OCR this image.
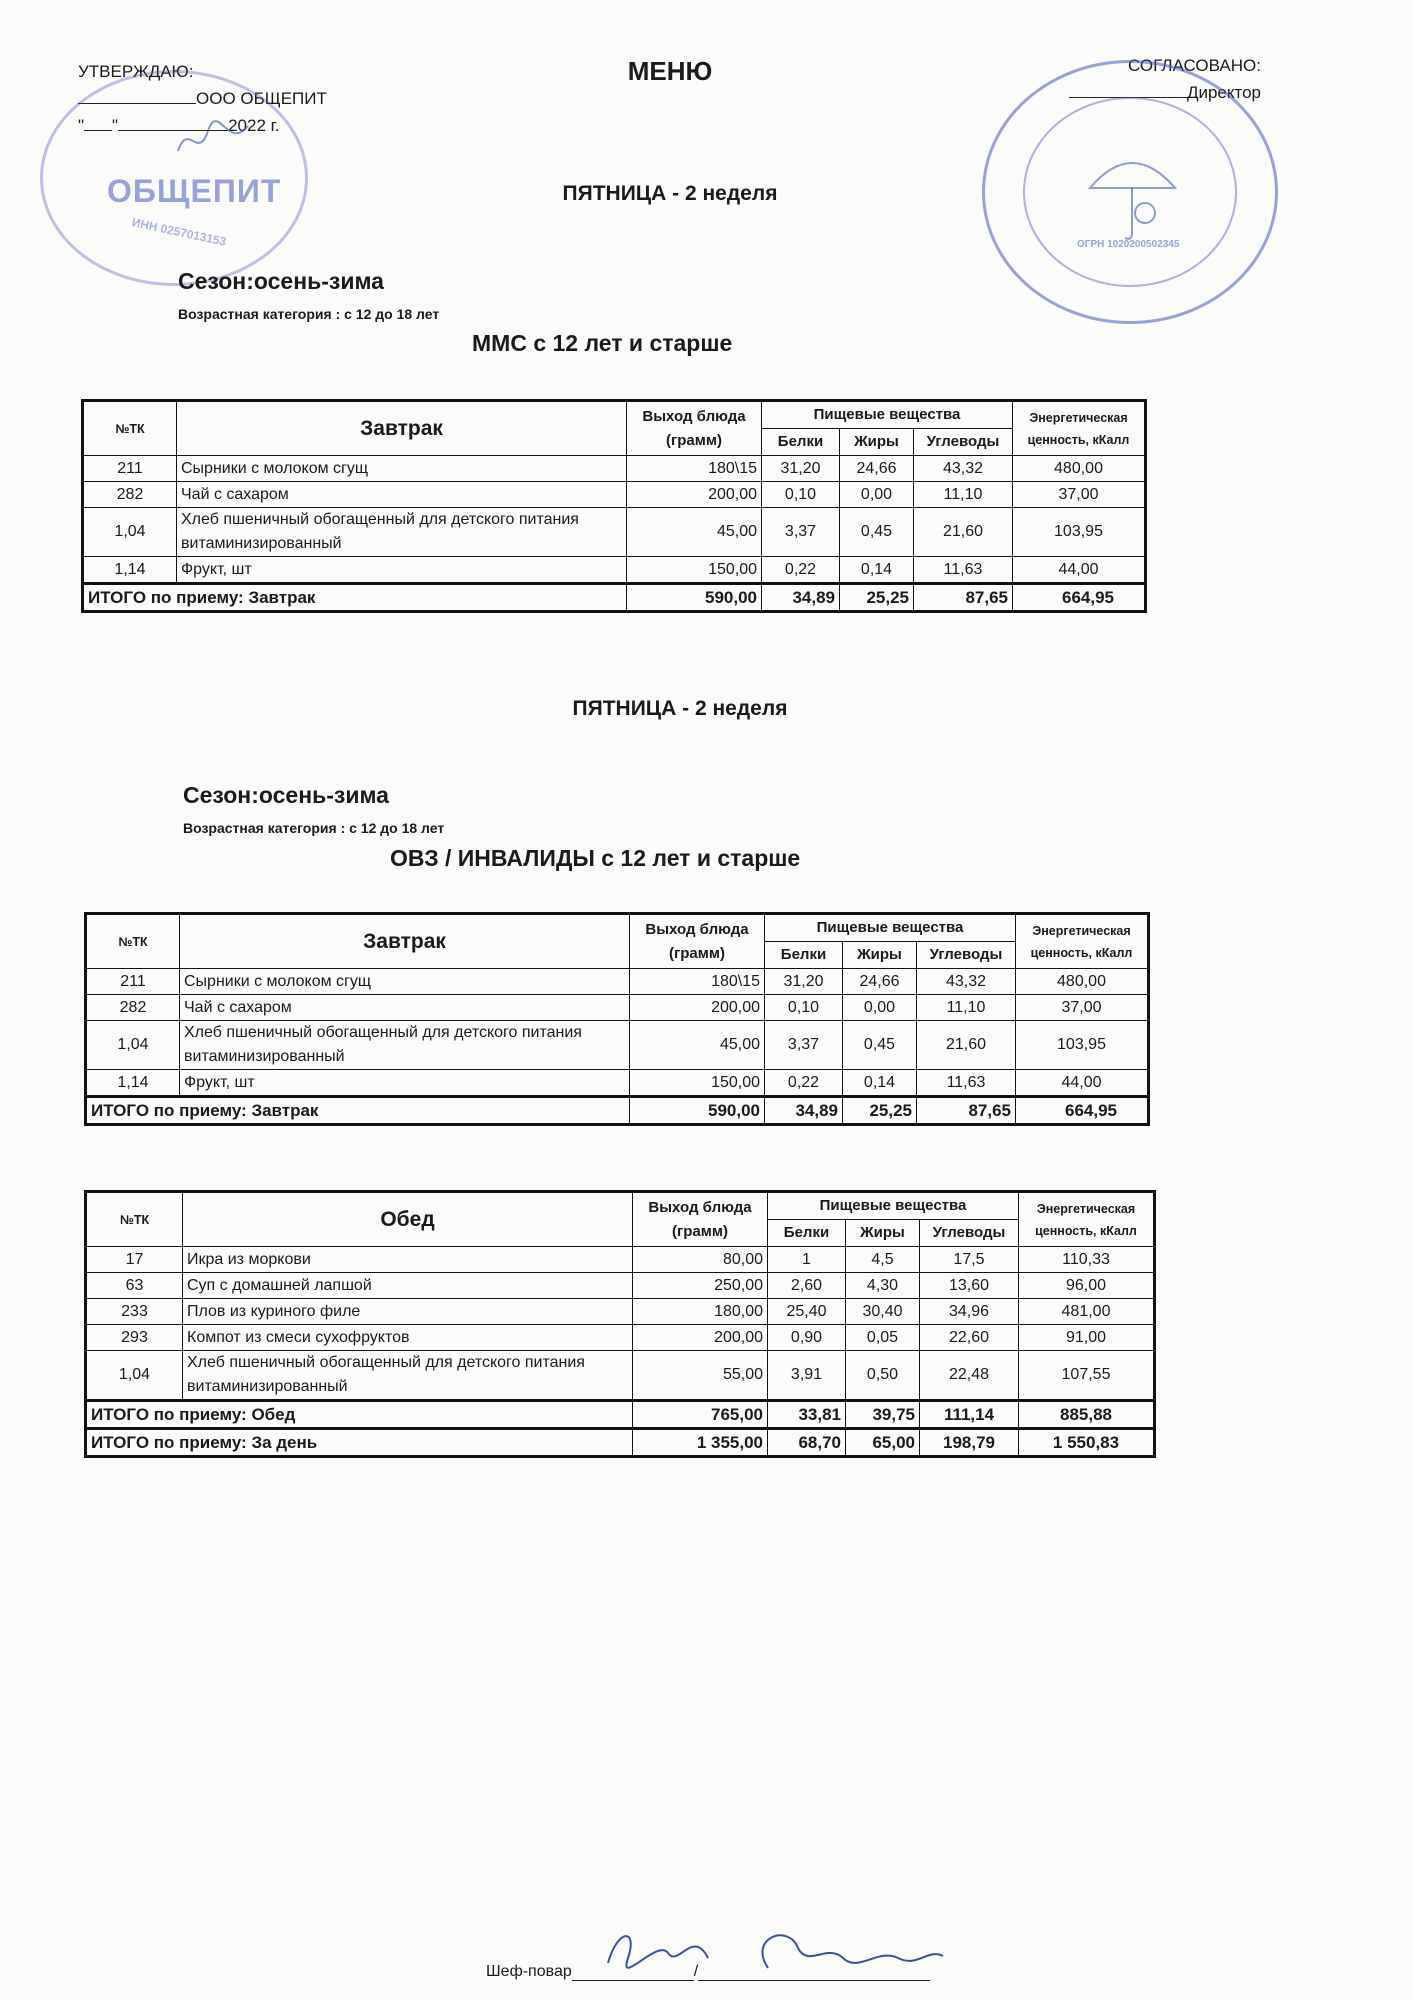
УТВЕРЖДАЮ:
ООО ОБЩЕПИТ
" "	2022 г.
ОБЩЕПИТ
ИНН 0257013153
МЕНЮ	СОГЛАСОВАНО:
Директор
ОГРН 1020200502345
ПЯТНИЦА - 2 неделя
Сезон:осень-зима
Возрастная категория : с 12 до 18 лет
ММС с 12 лет и старше
№ТК	Завтрак	Выход блюда (грамм)	Пищевые вещества			Энергетическая ценность, кКалл
			Белки	Жиры	Углеводы	
211	Сырники с молоком сгущ	180\15	31,20	24,66	43,32	480,00
282	Чай с сахаром	200,00	0,10	0,00	11,10	37,00
1,04	Хлеб пшеничный обогащенный для детского питания витаминизированный	45,00	3,37	0,45	21,60	103,95
1,14	Фрукт, шт	150,00	0,22	0,14	11,63	44,00
ИТОГО по приему: Завтрак		590,00	34,89	25,25	87,65	664,95
ПЯТНИЦА - 2 неделя
Сезон:осень-зима
Возрастная категория : с 12 до 18 лет
ОВЗ / ИНВАЛИДЫ с 12 лет и старше
№ТК	Завтрак	Выход блюда (грамм)	Пищевые вещества			Энергетическая ценность, кКалл
			Белки	Жиры	Углеводы	
211	Сырники с молоком сгущ	180\15	31,20	24,66	43,32	480,00
282	Чай с сахаром	200,00	0,10	0,00	11,10	37,00
1,04	Хлеб пшеничный обогащенный для детского питания витаминизированный	45,00	3,37	0,45	21,60	103,95
1,14	Фрукт, шт	150,00	0,22	0,14	11,63	44,00
ИТОГО по приему: Завтрак		590,00	34,89	25,25	87,65	664,95
№ТК	Обед	Выход блюда (грамм)	Пищевые вещества			Энергетическая ценность, кКалл
			Белки	Жиры	Углеводы	
17	Икра из моркови	80,00	1	4,5	17,5	110,33
63	Суп с домашней лапшой	250,00	2,60	4,30	13,60	96,00
233	Плов из куриного филе	180,00	25,40	30,40	34,96	481,00
293	Компот из смеси сухофруктов	200,00	0,90	0,05	22,60	91,00
1,04	Хлеб пшеничный обогащенный для детского питания витаминизированный	55,00	3,91	0,50	22,48	107,55
ИТОГО по приему: Обед		765,00	33,81	39,75	111,14	885,88
ИТОГО по приему: За день		1 355,00	68,70	65,00	198,79	1 550,83
Шеф-повар	/
